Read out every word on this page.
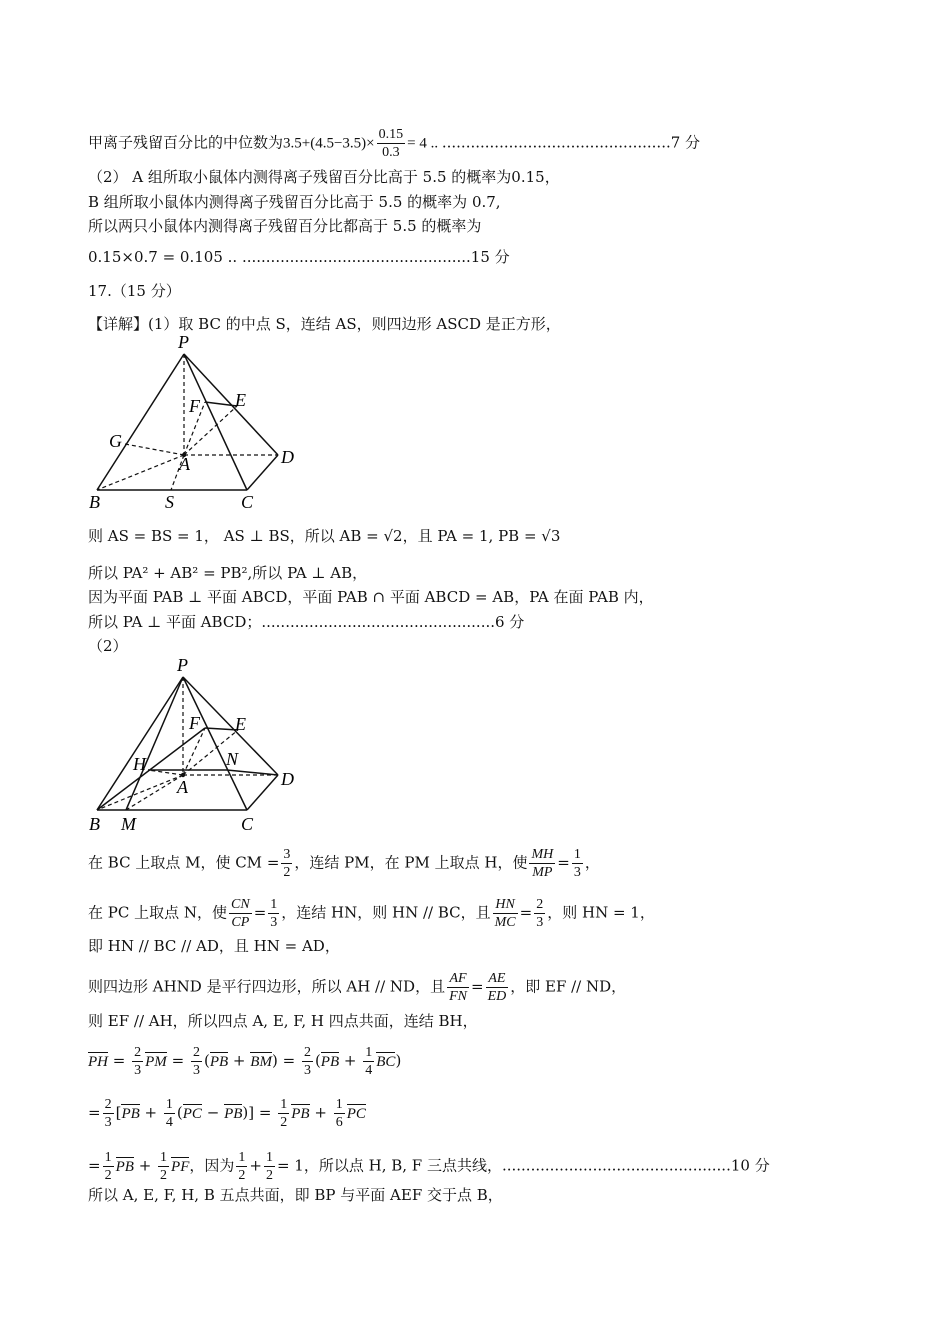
甲离子残留百分比的中位数为$3.5+(4.5-3.5)\times \frac{0.15}{0.3} = 4$ .. ................................................7 分
（2） A 组所取小鼠体内测得离子残留百分比高于 5.5 的概率为0.15，
B 组所取小鼠体内测得离子残留百分比高于 5.5 的概率为 0.7,
所以两只小鼠体内测得离子残留百分比都高于 5.5 的概率为
0.15×0.7 = 0.105 .. ................................................15 分
17.（15 分）
【详解】(1）取 BC 的中点 S，连结 AS，则四边形 ASCD 是正方形，
P
F E
G
A	D
B	S	C
则 AS = BS = 1， AS ⊥ BS，所以 AB = √2，且 PA = 1, PB = √3
所以 PA² + AB² = PB²,所以 PA ⊥ AB，
因为平面 PAB ⊥ 平面 ABCD，平面 PAB ∩ 平面 ABCD = AB，PA 在面 PAB 内，
所以 PA ⊥ 平面 ABCD；.................................................6 分
（2）
P
F E
H	N
A	D
B M	C
在 BC 上取点 M，使 CM = $\frac{3}{2}$ ，连结 PM，在 PM 上取点 H，使 $\frac{MH}{MP} = \frac{1}{3}$ ，
在 PC 上取点 N，使 $\frac{CN}{CP} = \frac{1}{3}$ ，连结 HN，则 HN // BC，且 $\frac{HN}{MC} = \frac{2}{3}$ ，则 HN = 1，
即 HN // BC // AD，且 HN = AD，
则四边形 AHND 是平行四边形，所以 AH // ND，且 $\frac{AF}{FN} = \frac{AE}{ED}$ ，即 EF // ND，
则 EF // AH，所以四点 A, E, F, H 四点共面，连结 BH，
PH = $\frac{2}{3}$ PM = $\frac{2}{3} (PB + BM) = \frac{2}{3} (PB + \frac{1}{4} BC)$
= $\frac{2}{3} [PB + \frac{1}{4} (PC - PB)] = \frac{1}{2}$ PB + $\frac{1}{6}$ PC
= $\frac{1}{2}$ PB + $\frac{1}{2}$ PF，因为 $\frac{1}{2} + \frac{1}{2} = 1$，所以点 H, B, F 三点共线，................................................10 分
所以 A, E, F, H, B 五点共面，即 BP 与平面 AEF 交于点 B，
